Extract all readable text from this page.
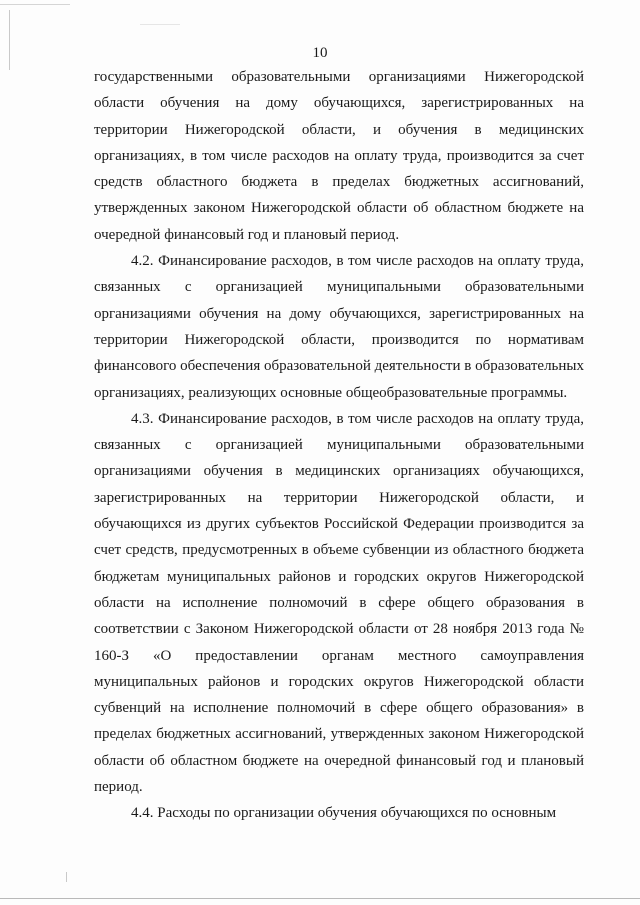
10

государственными образовательными организациями Нижегородской области обучения на дому обучающихся, зарегистрированных на территории Нижегородской области, и обучения в медицинских организациях, в том числе расходов на оплату труда, производится за счет средств областного бюджета в пределах бюджетных ассигнований, утвержденных законом Нижегородской области об областном бюджете на очередной финансовый год и плановый период.

4.2. Финансирование расходов, в том числе расходов на оплату труда, связанных с организацией муниципальными образовательными организациями обучения на дому обучающихся, зарегистрированных на территории Нижегородской области, производится по нормативам финансового обеспечения образовательной деятельности в образовательных организациях, реализующих основные общеобразовательные программы.

4.3. Финансирование расходов, в том числе расходов на оплату труда, связанных с организацией муниципальными образовательными организациями обучения в медицинских организациях обучающихся, зарегистрированных на территории Нижегородской области, и обучающихся из других субъектов Российской Федерации производится за счет средств, предусмотренных в объеме субвенции из областного бюджета бюджетам муниципальных районов и городских округов Нижегородской области на исполнение полномочий в сфере общего образования в соответствии с Законом Нижегородской области от 28 ноября 2013 года № 160-З «О предоставлении органам местного самоуправления муниципальных районов и городских округов Нижегородской области субвенций на исполнение полномочий в сфере общего образования» в пределах бюджетных ассигнований, утвержденных законом Нижегородской области об областном бюджете на очередной финансовый год и плановый период.

4.4. Расходы по организации обучения обучающихся по основным
